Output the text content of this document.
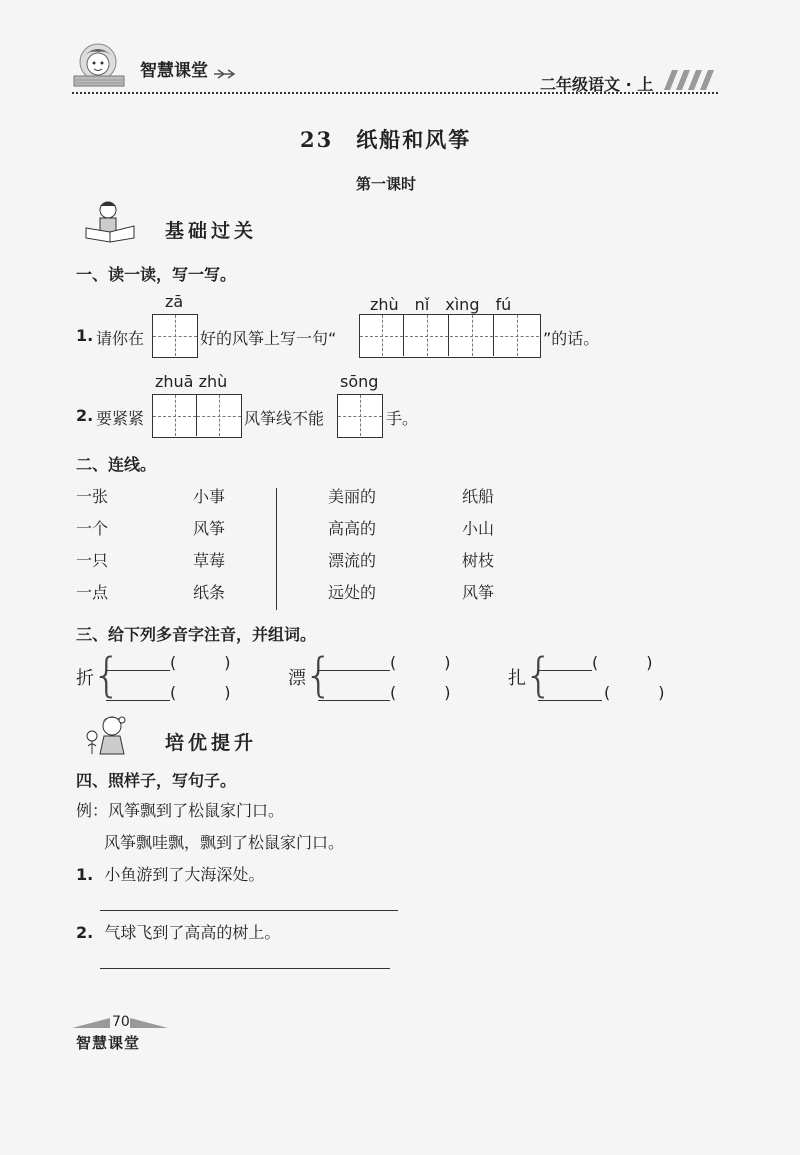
智慧课堂
二年级语文 · 上
23　纸船和风筝
第一课时
基础过关
一、读一读，写一写。
zā	zhù　nǐ　xìng　fú
1. 请你在	好的风筝上写一句“	”的话。
zhuā zhù	sōng
2. 要紧紧	风筝线不能	手。
二、连线。
一张	小事	美丽的	纸船
一个	风筝	高高的	小山
一只	草莓	漂流的	树枝
一点	纸条	远处的	风筝
三、给下列多音字注音，并组词。
折
{	(　　　)
(　　　)
漂
{	(　　　)
(　　　)
扎
{ (　　　)
(　　　)
培优提升
四、照样子，写句子。
例：风筝飘到了松鼠家门口。
风筝飘哇飘，飘到了松鼠家门口。
1. 小鱼游到了大海深处。
2. 气球飞到了高高的树上。
70
智慧课堂
